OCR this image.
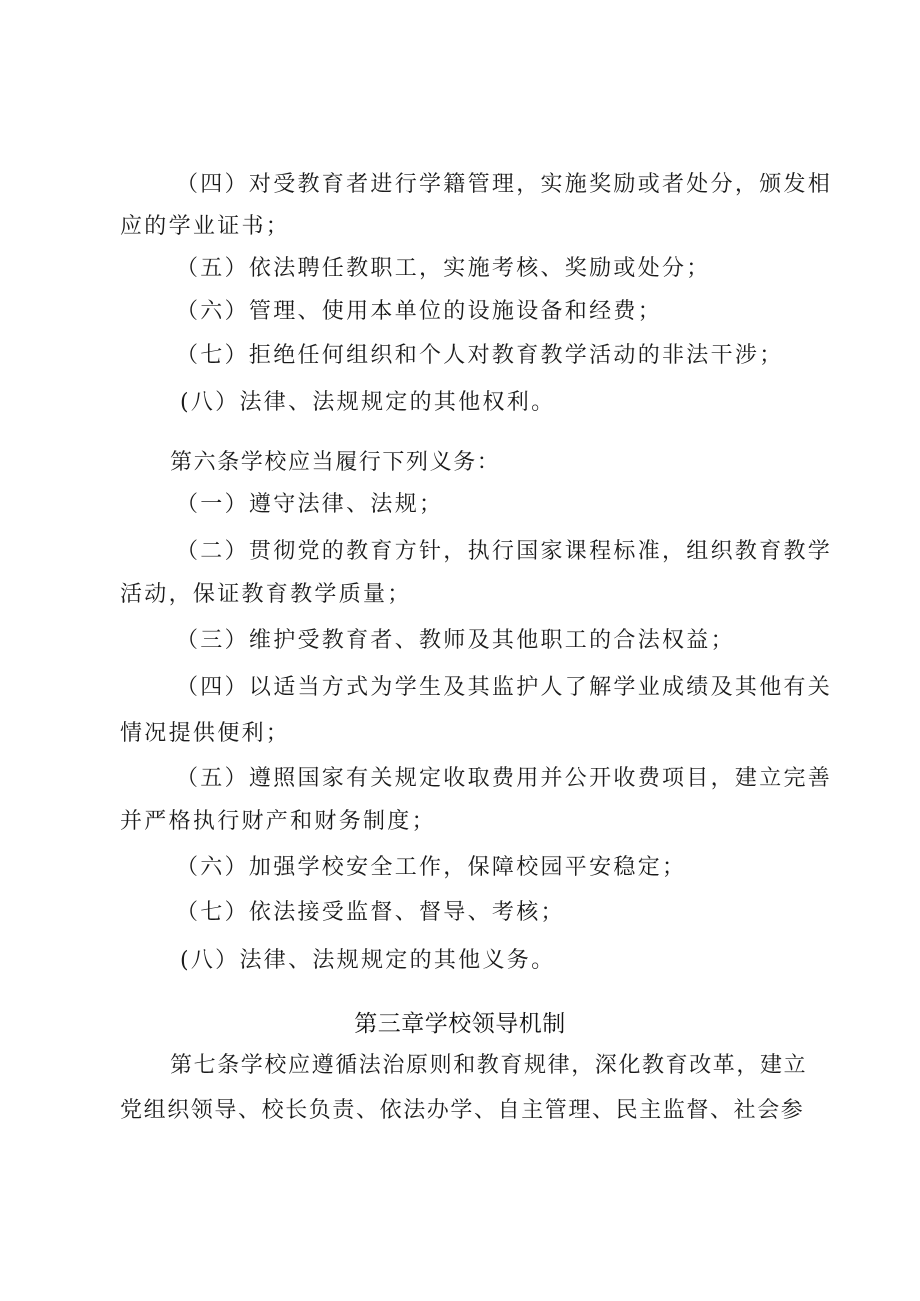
（四）对受教育者进行学籍管理，实施奖励或者处分，颁发相
应的学业证书；
（五）依法聘任教职工，实施考核、奖励或处分；
（六）管理、使用本单位的设施设备和经费；
（七）拒绝任何组织和个人对教育教学活动的非法干涉；
(八）法律、法规规定的其他权利。
第六条学校应当履行下列义务：
（一）遵守法律、法规；
（二）贯彻党的教育方针，执行国家课程标准，组织教育教学
活动，保证教育教学质量；
（三）维护受教育者、教师及其他职工的合法权益；
（四）以适当方式为学生及其监护人了解学业成绩及其他有关
情况提供便利；
（五）遵照国家有关规定收取费用并公开收费项目，建立完善
并严格执行财产和财务制度；
（六）加强学校安全工作，保障校园平安稳定；
（七）依法接受监督、督导、考核；
(八）法律、法规规定的其他义务。
第三章学校领导机制
第七条学校应遵循法治原则和教育规律，深化教育改革，建立
党组织领导、校长负责、依法办学、自主管理、民主监督、社会参
